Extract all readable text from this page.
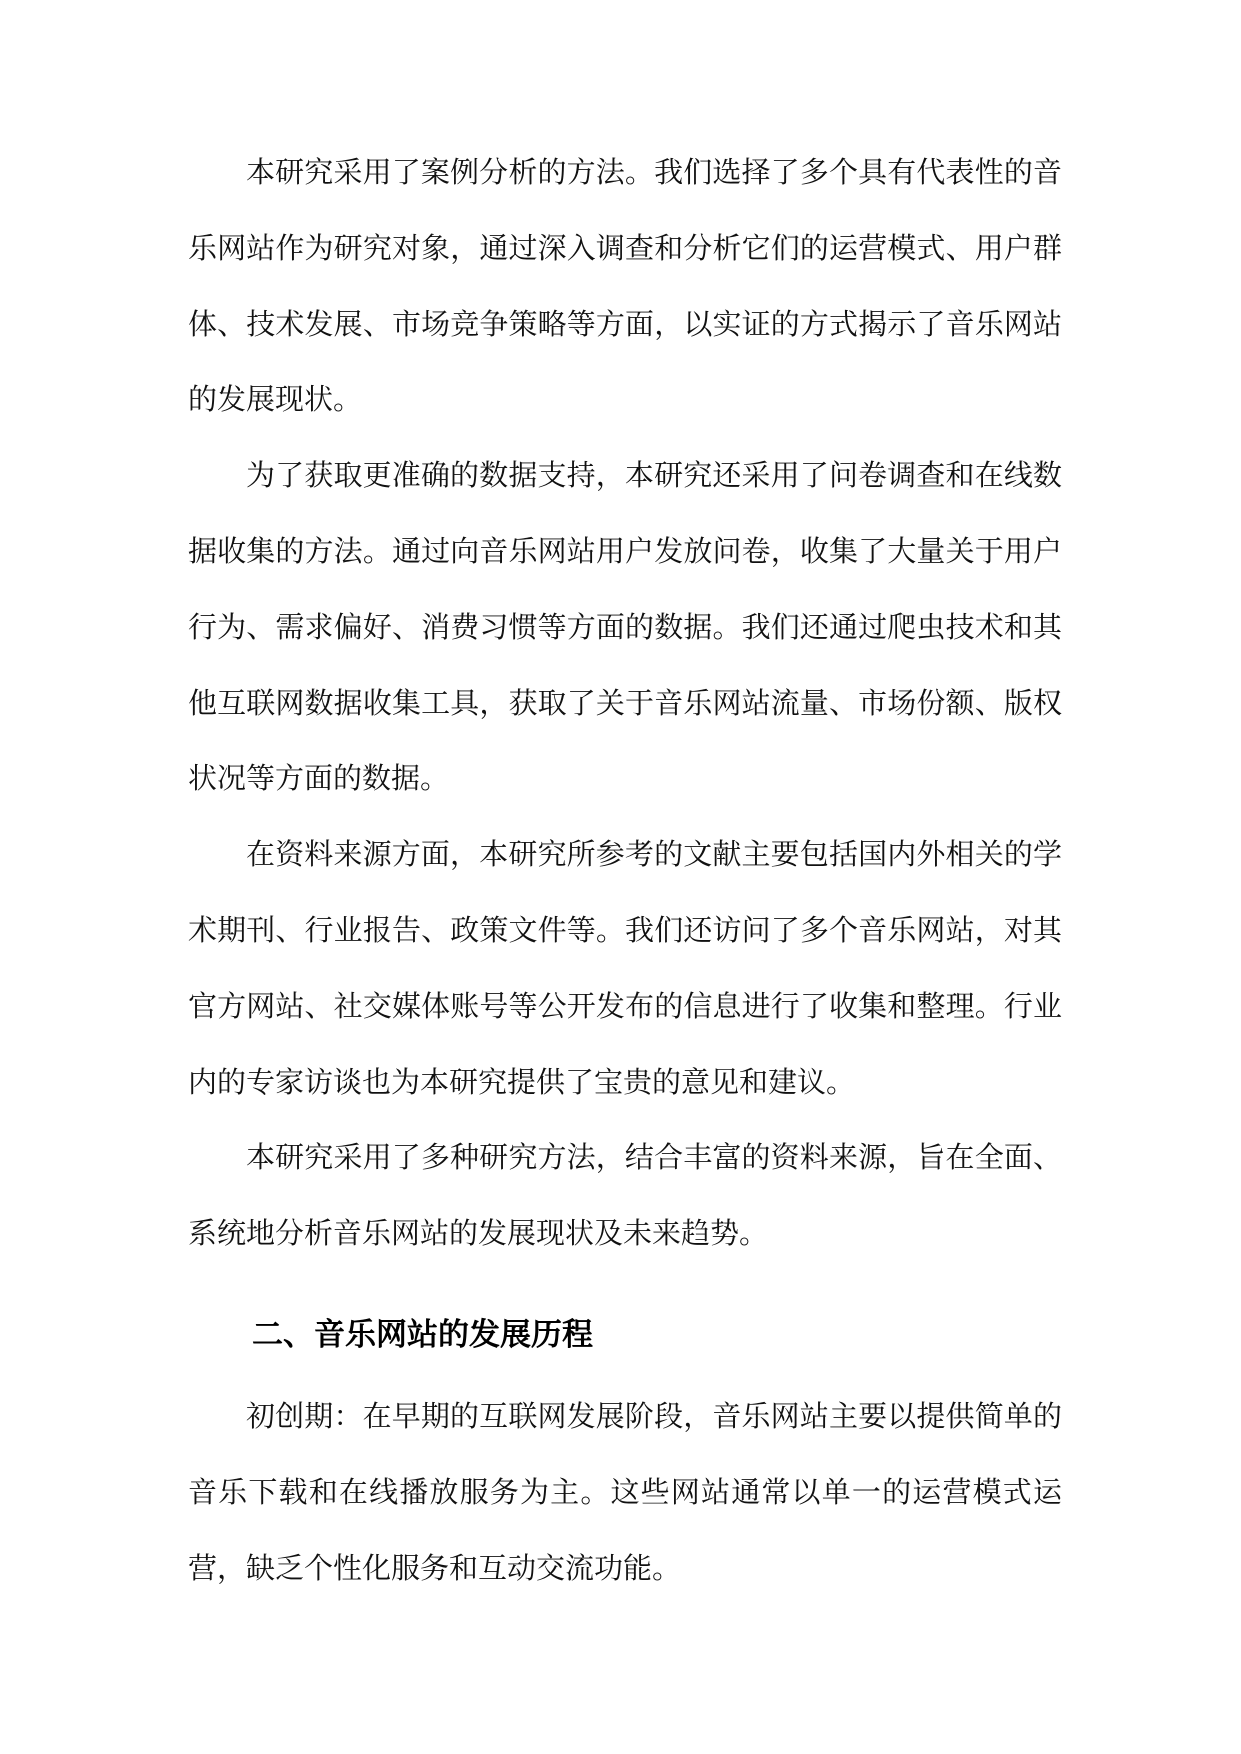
本研究采用了案例分析的方法。我们选择了多个具有代表性的音乐网站作为研究对象，通过深入调查和分析它们的运营模式、用户群体、技术发展、市场竞争策略等方面，以实证的方式揭示了音乐网站的发展现状。

为了获取更准确的数据支持，本研究还采用了问卷调查和在线数据收集的方法。通过向音乐网站用户发放问卷，收集了大量关于用户行为、需求偏好、消费习惯等方面的数据。我们还通过爬虫技术和其他互联网数据收集工具，获取了关于音乐网站流量、市场份额、版权状况等方面的数据。

在资料来源方面，本研究所参考的文献主要包括国内外相关的学术期刊、行业报告、政策文件等。我们还访问了多个音乐网站，对其官方网站、社交媒体账号等公开发布的信息进行了收集和整理。行业内的专家访谈也为本研究提供了宝贵的意见和建议。

本研究采用了多种研究方法，结合丰富的资料来源，旨在全面、系统地分析音乐网站的发展现状及未来趋势。

二、音乐网站的发展历程

初创期：在早期的互联网发展阶段，音乐网站主要以提供简单的音乐下载和在线播放服务为主。这些网站通常以单一的运营模式运营，缺乏个性化服务和互动交流功能。
